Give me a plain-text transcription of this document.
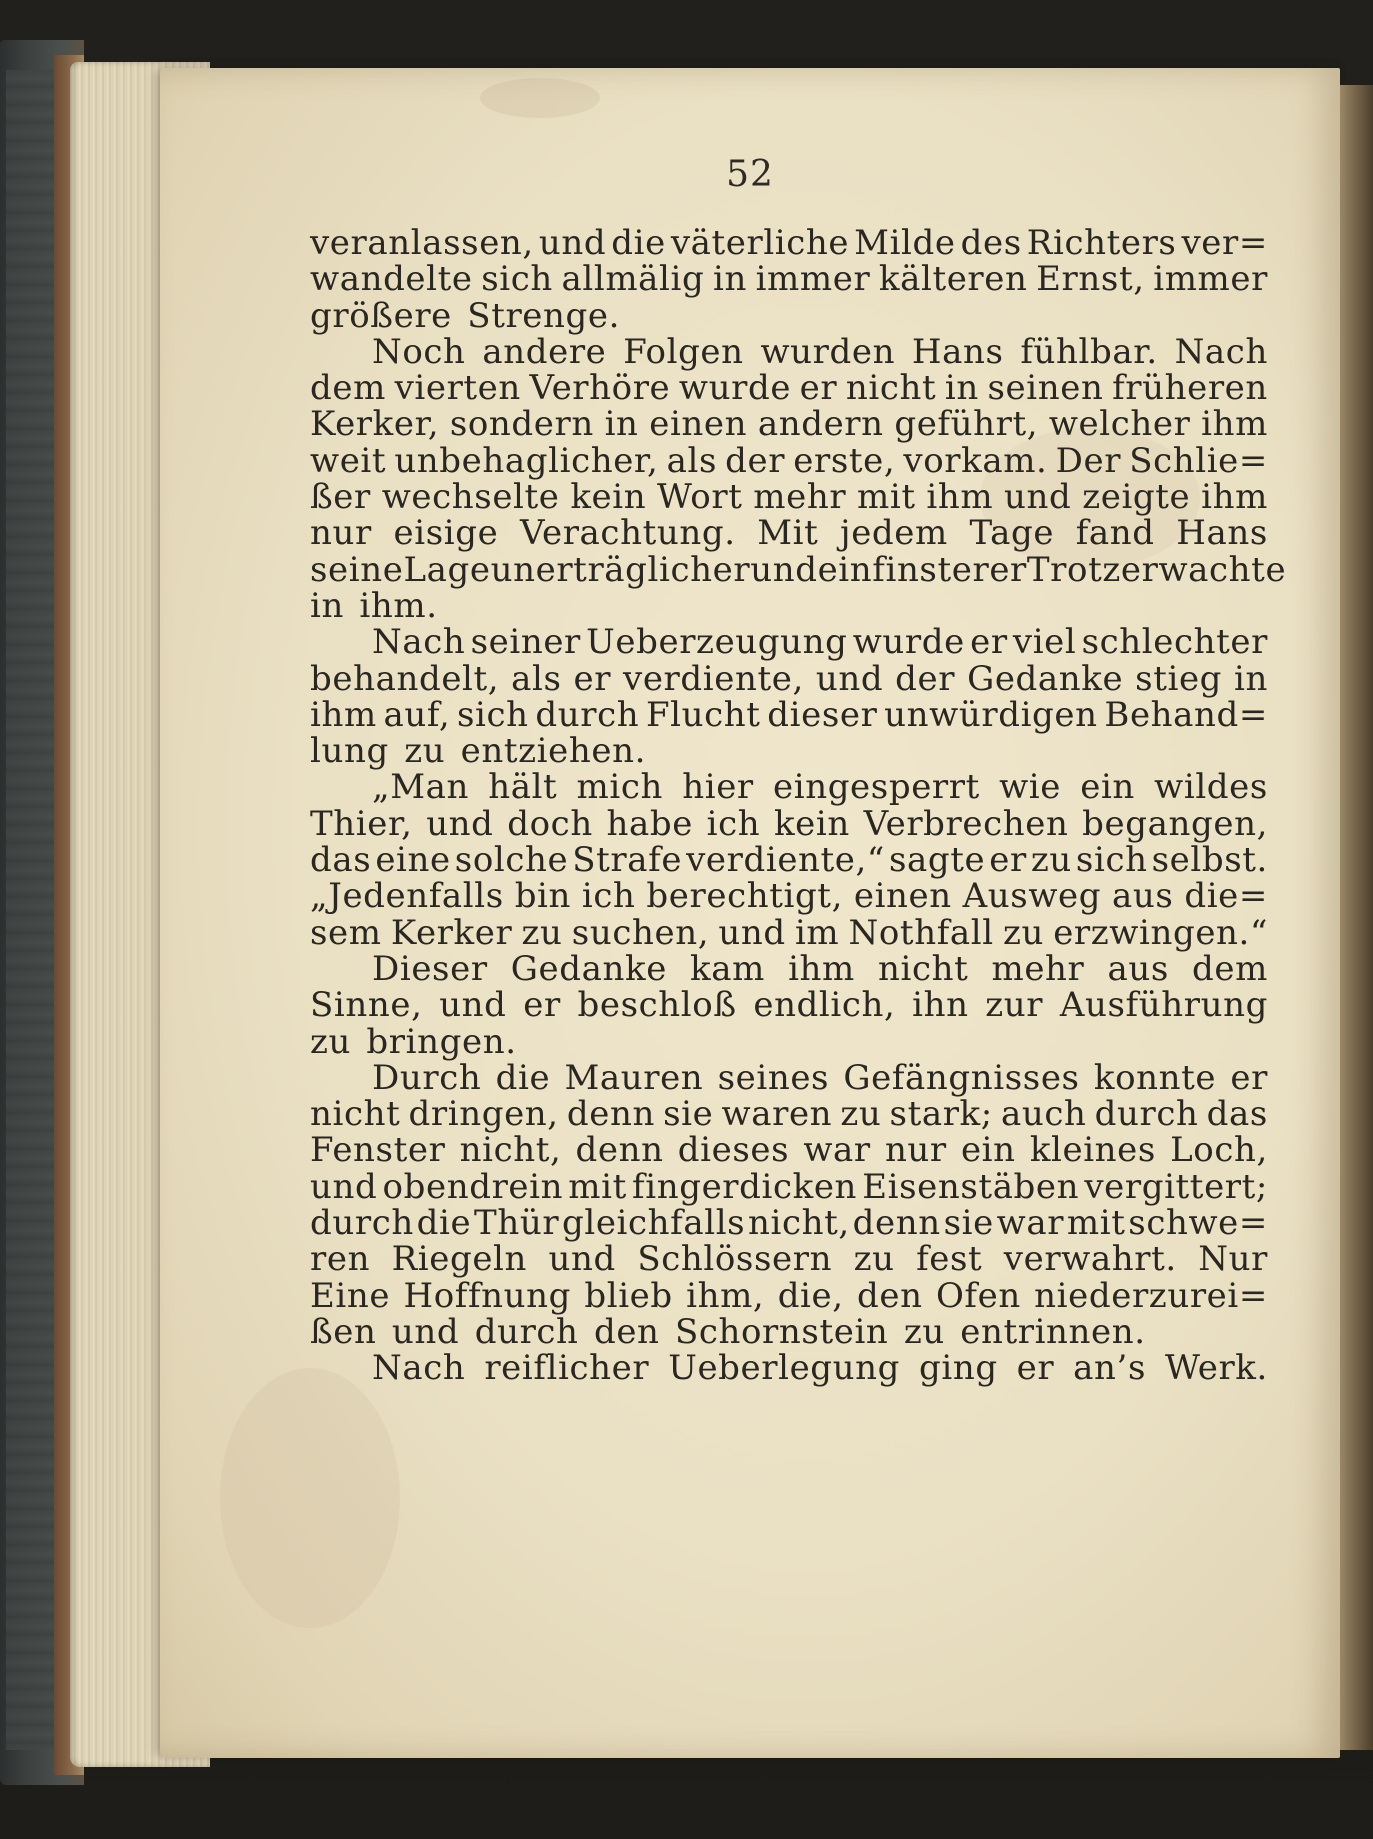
52
veranlassen, und die väterliche Milde des Richters ver=
wandelte sich allmälig in immer kälteren Ernst, immer
größere Strenge.
Noch andere Folgen wurden Hans fühlbar. Nach
dem vierten Verhöre wurde er nicht in seinen früheren
Kerker, sondern in einen andern geführt, welcher ihm
weit unbehaglicher, als der erste, vorkam. Der Schlie=
ßer wechselte kein Wort mehr mit ihm und zeigte ihm
nur eisige Verachtung. Mit jedem Tage fand Hans
seine Lage unerträglicher und ein finsterer Trotz erwachte
in ihm.
Nach seiner Ueberzeugung wurde er viel schlechter
behandelt, als er verdiente, und der Gedanke stieg in
ihm auf, sich durch Flucht dieser unwürdigen Behand=
lung zu entziehen.
„Man hält mich hier eingesperrt wie ein wildes
Thier, und doch habe ich kein Verbrechen begangen,
das eine solche Strafe verdiente,“ sagte er zu sich selbst.
„Jedenfalls bin ich berechtigt, einen Ausweg aus die=
sem Kerker zu suchen, und im Nothfall zu erzwingen.“
Dieser Gedanke kam ihm nicht mehr aus dem
Sinne, und er beschloß endlich, ihn zur Ausführung
zu bringen.
Durch die Mauren seines Gefängnisses konnte er
nicht dringen, denn sie waren zu stark; auch durch das
Fenster nicht, denn dieses war nur ein kleines Loch,
und obendrein mit fingerdicken Eisenstäben vergittert;
durch die Thür gleichfalls nicht, denn sie war mit schwe=
ren Riegeln und Schlössern zu fest verwahrt. Nur
Eine Hoffnung blieb ihm, die, den Ofen niederzurei=
ßen und durch den Schornstein zu entrinnen.
Nach reiflicher Ueberlegung ging er an’s Werk.
